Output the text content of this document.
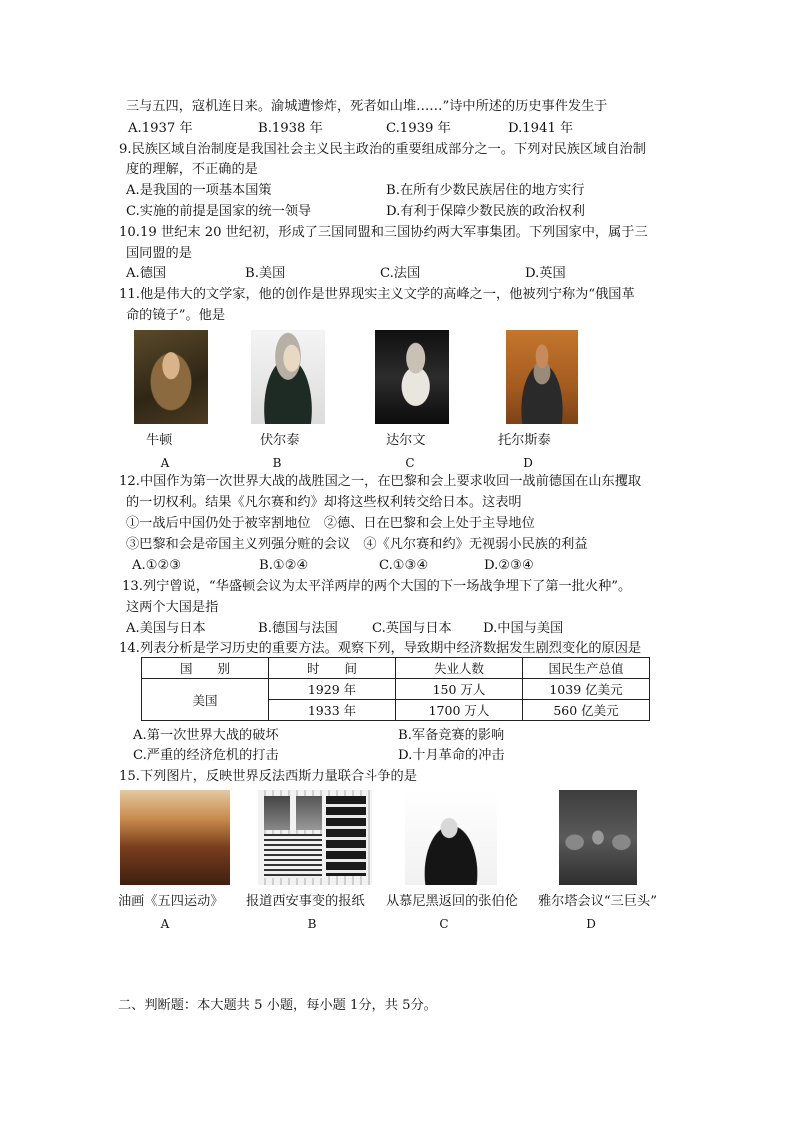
三与五四，寇机连日来。渝城遭惨炸，死者如山堆……”诗中所述的历史事件发生于
A.1937 年	B.1938 年	C.1939 年	D.1941 年
9.民族区域自治制度是我国社会主义民主政治的重要组成部分之一。下列对民族区域自治制
度的理解，不正确的是
A.是我国的一项基本国策	B.在所有少数民族居住的地方实行
C.实施的前提是国家的统一领导	D.有利于保障少数民族的政治权利
10.19 世纪末 20 世纪初，形成了三国同盟和三国协约两大军事集团。下列国家中，属于三
国同盟的是
A.德国	B.美国	C.法国	D.英国
11.他是伟大的文学家，他的创作是世界现实主义文学的高峰之一，他被列宁称为“俄国革
命的镜子”。他是
牛顿	伏尔泰	达尔文	托尔斯泰
A	B	C	D
12.中国作为第一次世界大战的战胜国之一，在巴黎和会上要求收回一战前德国在山东攫取
的一切权利。结果《凡尔赛和约》却将这些权利转交给日本。这表明
①一战后中国仍处于被宰割地位　②德、日在巴黎和会上处于主导地位
③巴黎和会是帝国主义列强分赃的会议　④《凡尔赛和约》无视弱小民族的利益
A.①②③	B.①②④	C.①③④	D.②③④
13.列宁曾说，“华盛顿会议为太平洋两岸的两个大国的下一场战争埋下了第一批火种”。
这两个大国是指
A.美国与日本	B.德国与法国	C.英国与日本 D.中国与美国
14.列表分析是学习历史的重要方法。观察下列，导致期中经济数据发生剧烈变化的原因是
国　　别	时　　间	失业人数	国民生产总值
美国	1929 年	150 万人	1039 亿美元
	1933 年	1700 万人	560 亿美元
A.第一次世界大战的破坏	B.军备竞赛的影响
C.严重的经济危机的打击	D.十月革命的冲击
15.下列图片，反映世界反法西斯力量联合斗争的是
油画《五四运动》 报道西安事变的报纸 从慕尼黑返回的张伯伦 雅尔塔会议“三巨头”
A	B	C	D
二、判断题：本大题共 5 小题，每小题 1分，共 5分。
